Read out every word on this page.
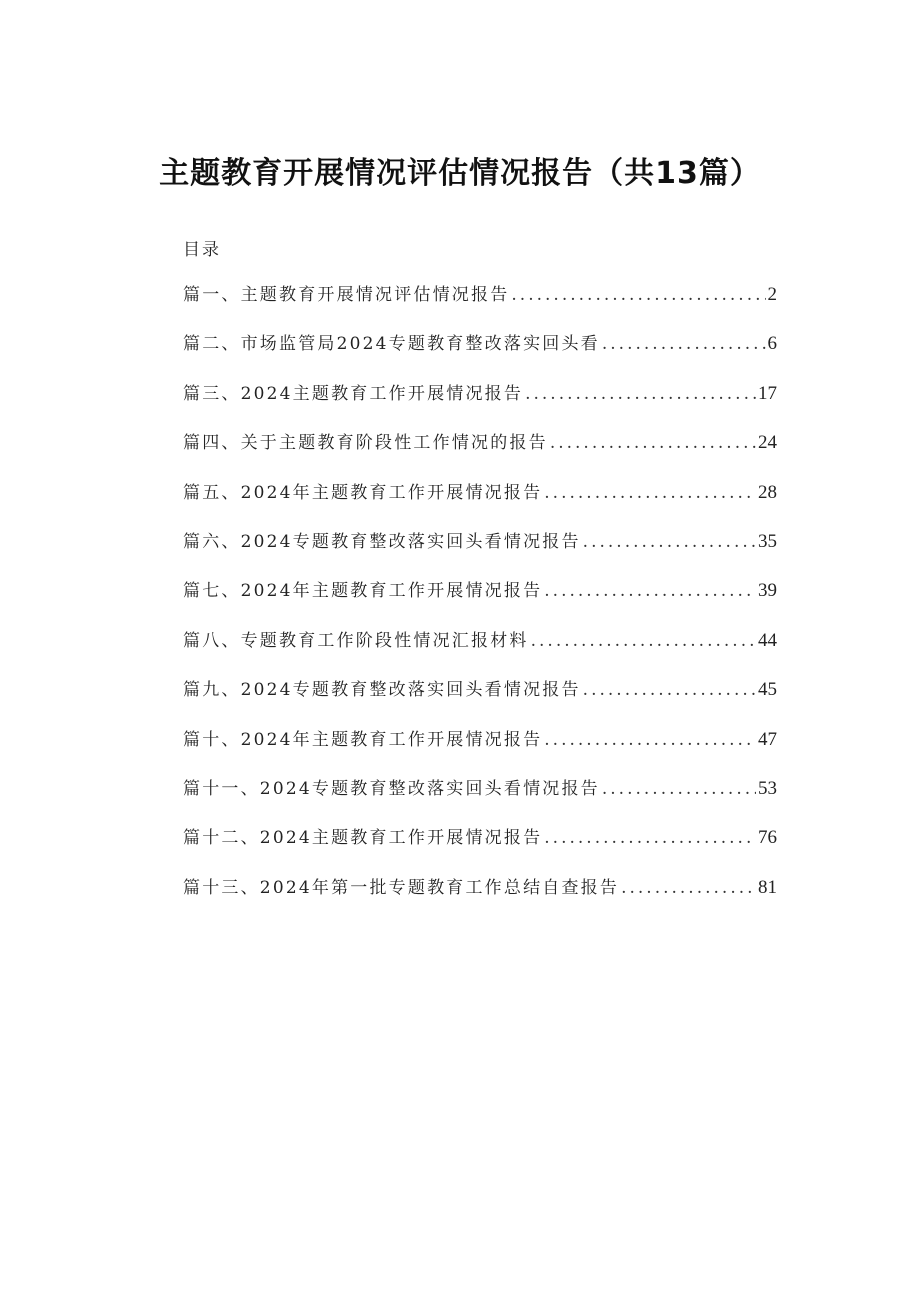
主题教育开展情况评估情况报告（共13篇）
目录
篇一、主题教育开展情况评估情况报告 .....	2
篇二、市场监管局2024专题教育整改落实回头看 .....	6
篇三、2024主题教育工作开展情况报告 .....	17
篇四、关于主题教育阶段性工作情况的报告 .....	24
篇五、2024年主题教育工作开展情况报告 .....	28
篇六、2024专题教育整改落实回头看情况报告 .....	35
篇七、2024年主题教育工作开展情况报告 .....	39
篇八、专题教育工作阶段性情况汇报材料 .....	44
篇九、2024专题教育整改落实回头看情况报告 .....	45
篇十、2024年主题教育工作开展情况报告 .....	47
篇十一、2024专题教育整改落实回头看情况报告 .....	53
篇十二、2024主题教育工作开展情况报告 .....	76
篇十三、2024年第一批专题教育工作总结自查报告 .....	81
